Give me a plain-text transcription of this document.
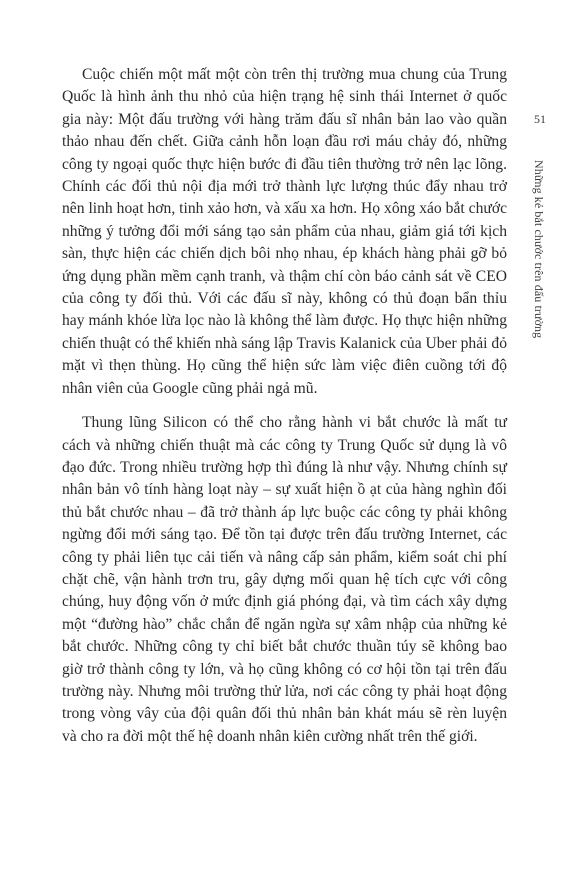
Cuộc chiến một mất một còn trên thị trường mua chung của Trung Quốc là hình ảnh thu nhỏ của hiện trạng hệ sinh thái Internet ở quốc gia này: Một đấu trường với hàng trăm đấu sĩ nhân bản lao vào quần thảo nhau đến chết. Giữa cảnh hỗn loạn đầu rơi máu chảy đó, những công ty ngoại quốc thực hiện bước đi đầu tiên thường trở nên lạc lõng. Chính các đối thủ nội địa mới trở thành lực lượng thúc đẩy nhau trở nên linh hoạt hơn, tinh xảo hơn, và xấu xa hơn. Họ xông xáo bắt chước những ý tưởng đổi mới sáng tạo sản phẩm của nhau, giảm giá tới kịch sàn, thực hiện các chiến dịch bôi nhọ nhau, ép khách hàng phải gỡ bỏ ứng dụng phần mềm cạnh tranh, và thậm chí còn báo cảnh sát về CEO của công ty đối thủ. Với các đấu sĩ này, không có thủ đoạn bẩn thỉu hay mánh khóe lừa lọc nào là không thể làm được. Họ thực hiện những chiến thuật có thể khiến nhà sáng lập Travis Kalanick của Uber phải đỏ mặt vì thẹn thùng. Họ cũng thể hiện sức làm việc điên cuồng tới độ nhân viên của Google cũng phải ngả mũ.

Thung lũng Silicon có thể cho rằng hành vi bắt chước là mất tư cách và những chiến thuật mà các công ty Trung Quốc sử dụng là vô đạo đức. Trong nhiều trường hợp thì đúng là như vậy. Nhưng chính sự nhân bản vô tính hàng loạt này – sự xuất hiện ồ ạt của hàng nghìn đối thủ bắt chước nhau – đã trở thành áp lực buộc các công ty phải không ngừng đổi mới sáng tạo. Để tồn tại được trên đấu trường Internet, các công ty phải liên tục cải tiến và nâng cấp sản phẩm, kiểm soát chi phí chặt chẽ, vận hành trơn tru, gây dựng mối quan hệ tích cực với công chúng, huy động vốn ở mức định giá phóng đại, và tìm cách xây dựng một “đường hào” chắc chắn để ngăn ngừa sự xâm nhập của những kẻ bắt chước. Những công ty chỉ biết bắt chước thuần túy sẽ không bao giờ trở thành công ty lớn, và họ cũng không có cơ hội tồn tại trên đấu trường này. Nhưng môi trường thử lửa, nơi các công ty phải hoạt động trong vòng vây của đội quân đối thủ nhân bản khát máu sẽ rèn luyện và cho ra đời một thế hệ doanh nhân kiên cường nhất trên thế giới.

51
Những kẻ bắt chước trên đấu trường
